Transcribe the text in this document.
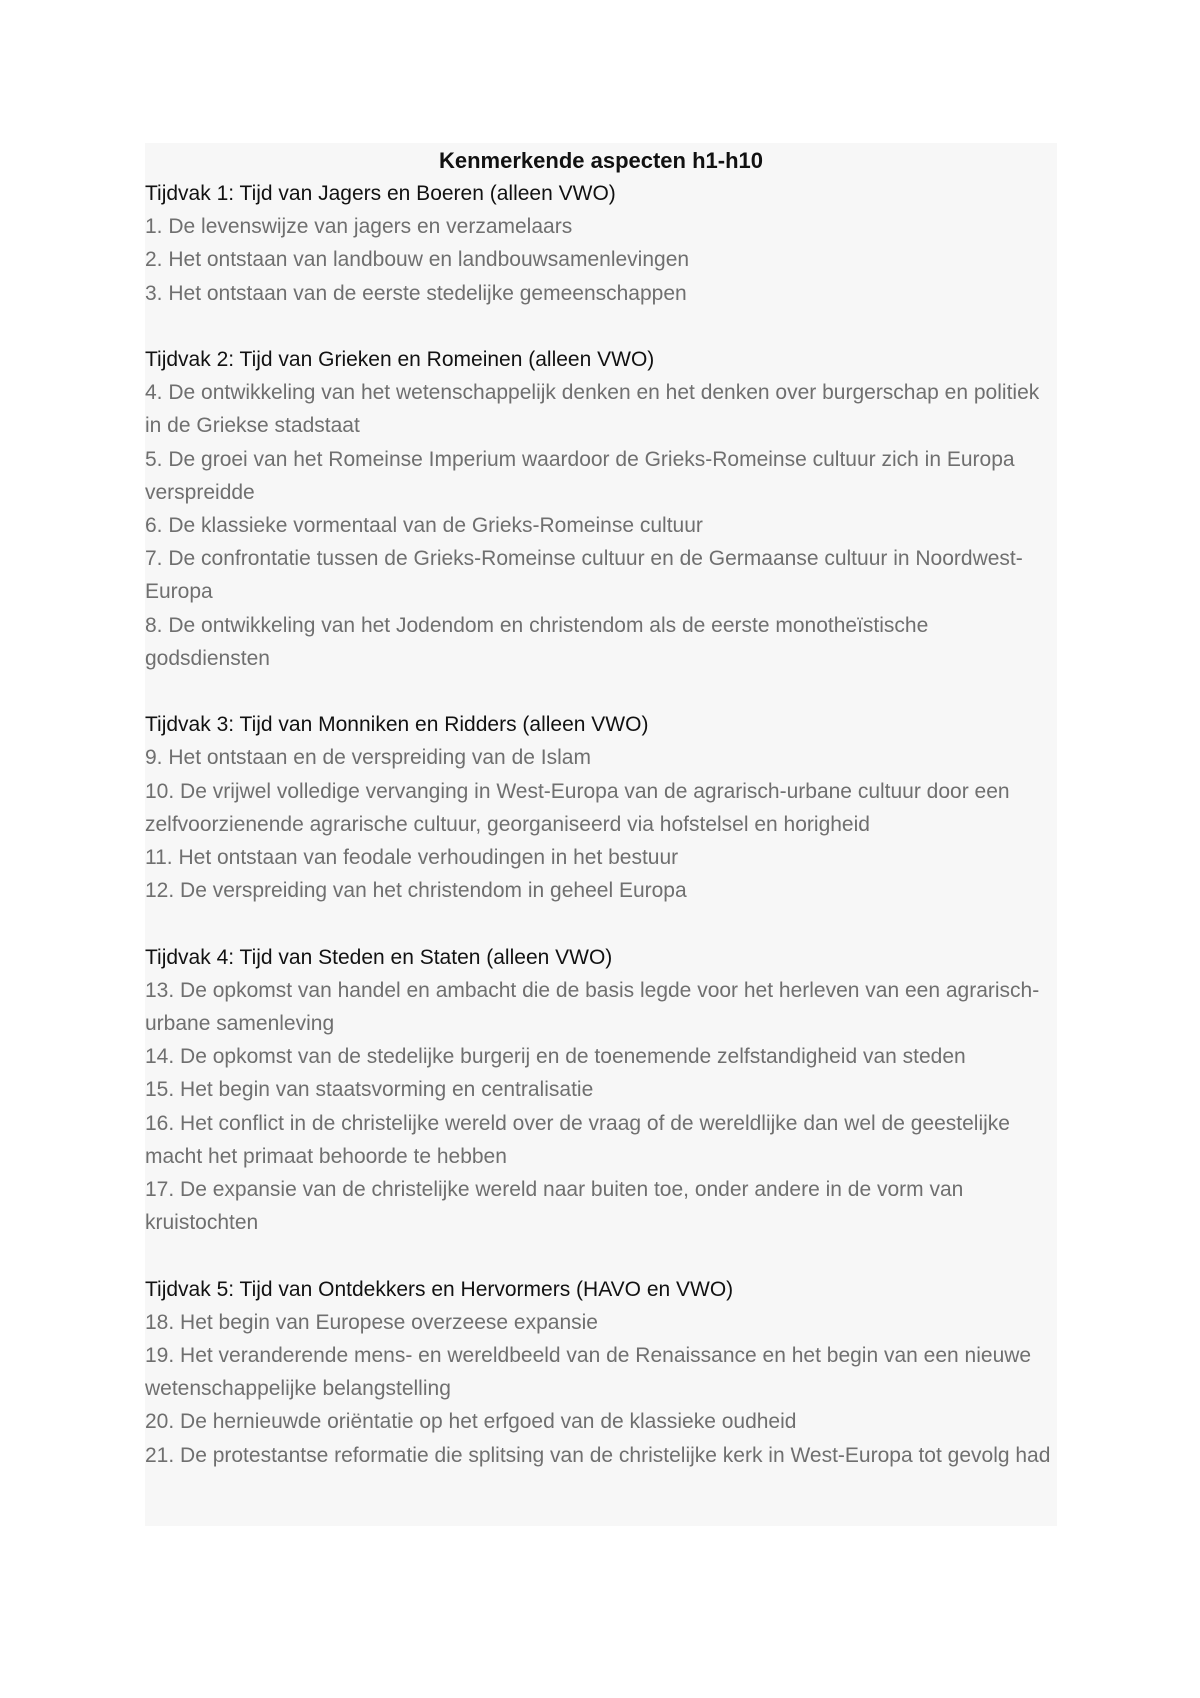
Kenmerkende aspecten h1-h10

Tijdvak 1: Tijd van Jagers en Boeren (alleen VWO)

1. De levenswijze van jagers en verzamelaars

2. Het ontstaan van landbouw en landbouwsamenlevingen

3. Het ontstaan van de eerste stedelijke gemeenschappen

Tijdvak 2: Tijd van Grieken en Romeinen (alleen VWO)

4. De ontwikkeling van het wetenschappelijk denken en het denken over burgerschap en politiek in de Griekse stadstaat

5. De groei van het Romeinse Imperium waardoor de Grieks-Romeinse cultuur zich in Europa verspreidde

6. De klassieke vormentaal van de Grieks-Romeinse cultuur

7. De confrontatie tussen de Grieks-Romeinse cultuur en de Germaanse cultuur in Noordwest-Europa

8. De ontwikkeling van het Jodendom en christendom als de eerste monotheïstische godsdiensten

Tijdvak 3: Tijd van Monniken en Ridders (alleen VWO)

9. Het ontstaan en de verspreiding van de Islam

10. De vrijwel volledige vervanging in West-Europa van de agrarisch-urbane cultuur door een zelfvoorzienende agrarische cultuur, georganiseerd via hofstelsel en horigheid

11. Het ontstaan van feodale verhoudingen in het bestuur

12. De verspreiding van het christendom in geheel Europa

Tijdvak 4: Tijd van Steden en Staten (alleen VWO)

13. De opkomst van handel en ambacht die de basis legde voor het herleven van een agrarisch-urbane samenleving

14. De opkomst van de stedelijke burgerij en de toenemende zelfstandigheid van steden

15. Het begin van staatsvorming en centralisatie

16. Het conflict in de christelijke wereld over de vraag of de wereldlijke dan wel de geestelijke macht het primaat behoorde te hebben

17. De expansie van de christelijke wereld naar buiten toe, onder andere in de vorm van kruistochten

Tijdvak 5: Tijd van Ontdekkers en Hervormers (HAVO en VWO)

18. Het begin van Europese overzeese expansie

19. Het veranderende mens- en wereldbeeld van de Renaissance en het begin van een nieuwe wetenschappelijke belangstelling

20. De hernieuwde oriëntatie op het erfgoed van de klassieke oudheid

21. De protestantse reformatie die splitsing van de christelijke kerk in West-Europa tot gevolg had
